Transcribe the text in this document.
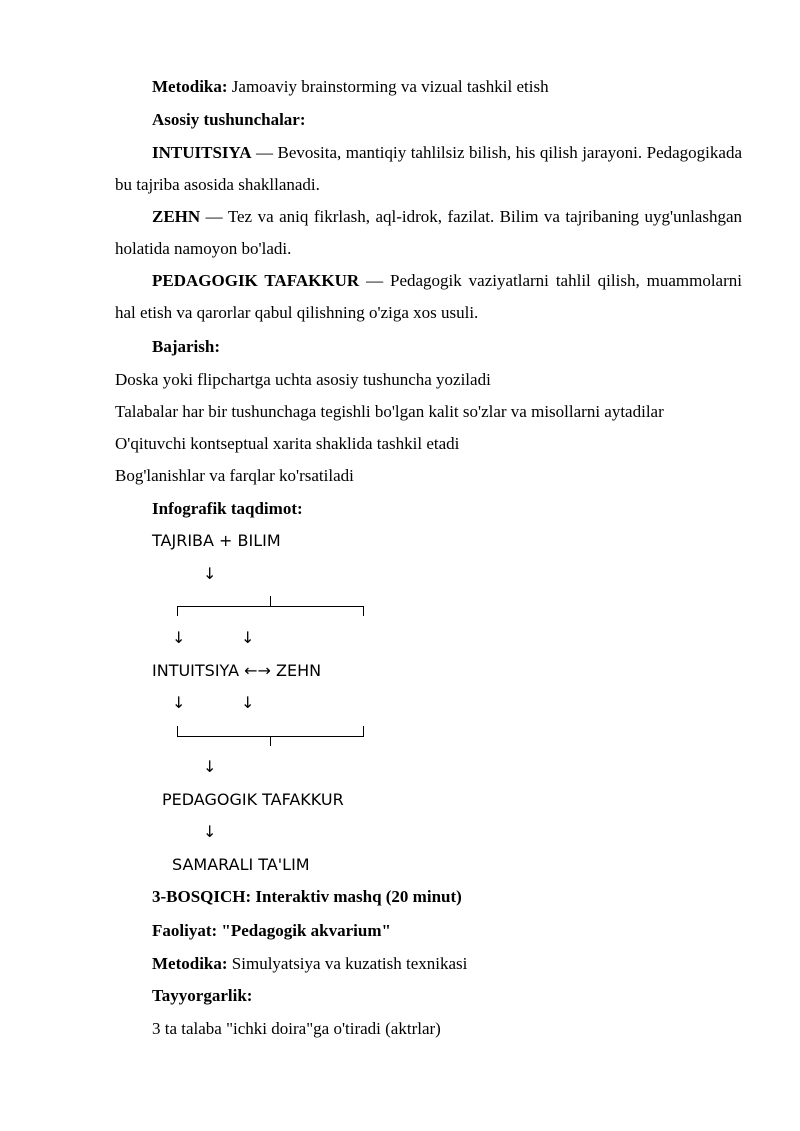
Metodika: Jamoaviy brainstorming va vizual tashkil etish
Asosiy tushunchalar:

INTUITSIYA — Bevosita, mantiqiy tahlilsiz bilish, his qilish jarayoni. Pedagogikada bu tajriba asosida shakllanadi.

ZEHN — Tez va aniq fikrlash, aql-idrok, fazilat. Bilim va tajribaning uyg'unlashgan holatida namoyon bo'ladi.

PEDAGOGIK TAFAKKUR — Pedagogik vaziyatlarni tahlil qilish, muammolarni hal etish va qarorlar qabul qilishning o'ziga xos usuli.

Bajarish:
Doska yoki flipchartga uchta asosiy tushuncha yoziladi
Talabalar har bir tushunchaga tegishli bo'lgan kalit so'zlar va misollarni aytadilar
O'qituvchi kontseptual xarita shaklida tashkil etadi
Bog'lanishlar va farqlar ko'rsatiladi
Infografik taqdimot:
TAJRIBA + BILIM
↓
↓	↓
INTUITSIYA ←→ ZEHN
↓	↓
↓
PEDAGOGIK TAFAKKUR
↓
SAMARALI TA'LIM
3-BOSQICH: Interaktiv mashq (20 minut)
Faoliyat: "Pedagogik akvarium"
Metodika: Simulyatsiya va kuzatish texnikasi
Tayyorgarlik:
3 ta talaba "ichki doira"ga o'tiradi (aktrlar)
